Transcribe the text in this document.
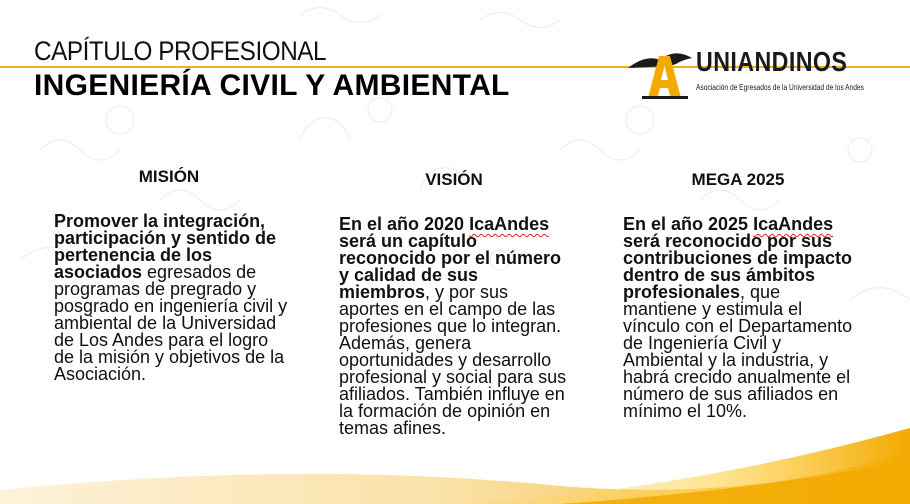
CAPÍTULO PROFESIONAL
INGENIERÍA CIVIL Y AMBIENTAL
UNIANDINOS
Asociación de Egresados de la Universidad de los Andes
MISIÓN
Promover la integración, participación y sentido de pertenencia de los asociados egresados de programas de pregrado y posgrado en ingeniería civil y ambiental de la Universidad de Los Andes para el logro de la misión y objetivos de la Asociación.
VISIÓN
En el año 2020 IcaAndes será un capítulo reconocido por el número y calidad de sus miembros, y por sus aportes en el campo de las profesiones que lo integran. Además, genera oportunidades y desarrollo profesional y social para sus afiliados. También influye en la formación de opinión en temas afines.
MEGA 2025
En el año 2025 IcaAndes será reconocido por sus contribuciones de impacto dentro de sus ámbitos profesionales, que mantiene y estimula el vínculo con el Departamento de Ingeniería Civil y Ambiental y la industria, y habrá crecido anualmente el número de sus afiliados en mínimo el 10%.
